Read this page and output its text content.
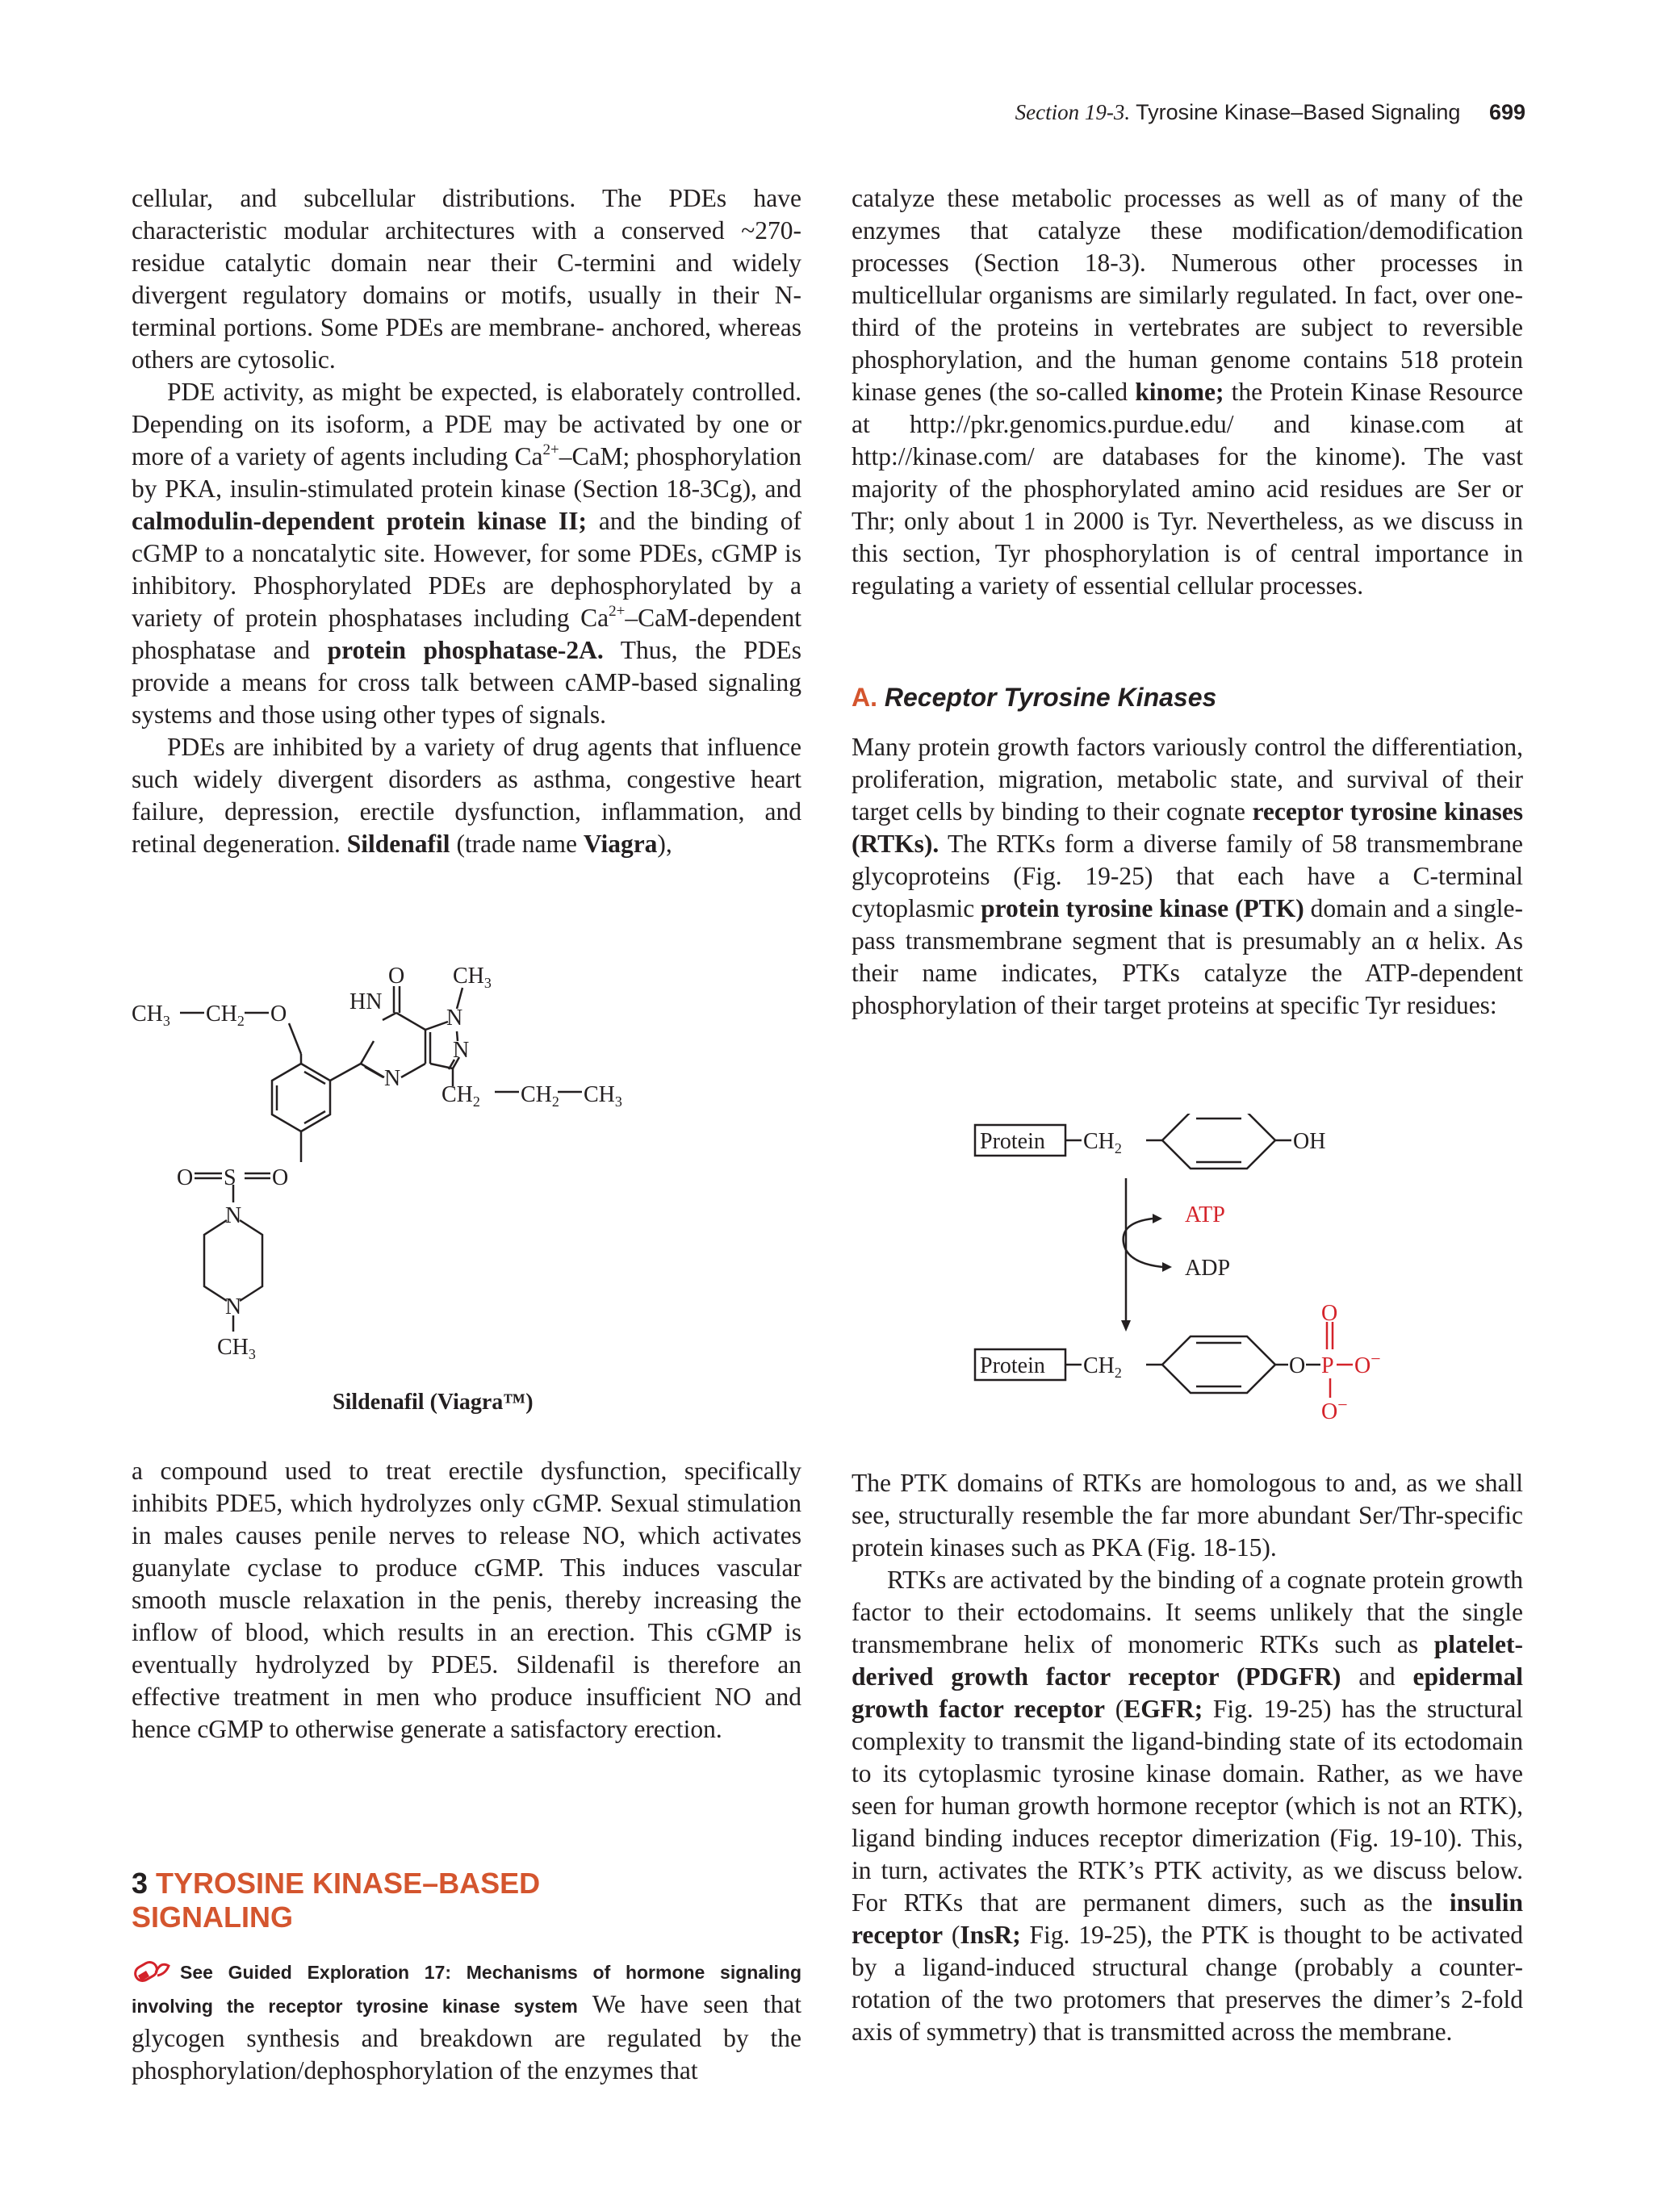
Section 19-3. Tyrosine Kinase–Based Signaling 699

cellular, and subcellular distributions. The PDEs have characteristic modular architectures with a conserved ~270-residue catalytic domain near their C-termini and widely divergent regulatory domains or motifs, usually in their N-terminal portions. Some PDEs are membrane- anchored, whereas others are cytosolic.

PDE activity, as might be expected, is elaborately controlled. Depending on its isoform, a PDE may be activated by one or more of a variety of agents including $Ca^{2+}$–CaM; phosphorylation by PKA, insulin-stimulated protein kinase (Section 18-3Cg), and calmodulin-dependent protein kinase II; and the binding of cGMP to a noncatalytic site. However, for some PDEs, cGMP is inhibitory. Phosphorylated PDEs are dephosphorylated by a variety of protein phosphatases including $Ca^{2+}-CaM$-dependent phosphatase and protein phosphatase-2A. Thus, the PDEs provide a means for cross talk between cAMP-based signaling systems and those using other types of signals.

PDEs are inhibited by a variety of drug agents that influence such widely divergent disorders as asthma, congestive heart failure, depression, erectile dysfunction, inflammation, and retinal degeneration. Sildenafil (trade name Viagra),

O $CH_3$
HN
N
N
N
$CH_3$ $CH_2$ O
$CH_2$ $CH_2$ $CH_3$
O S O
N
N
$CH_3$
Sildenafil (Viagra™)

a compound used to treat erectile dysfunction, specifically inhibits PDE5, which hydrolyzes only cGMP. Sexual stimulation in males causes penile nerves to release NO, which activates guanylate cyclase to produce cGMP. This induces vascular smooth muscle relaxation in the penis, thereby increasing the inflow of blood, which results in an erection. This cGMP is eventually hydrolyzed by PDE5. Sildenafil is therefore an effective treatment in men who produce insufficient NO and hence cGMP to otherwise generate a satisfactory erection.

3 TYROSINE KINASE–BASED
SIGNALING
See Guided Exploration 17: Mechanisms of hormone signaling involving the receptor tyrosine kinase system We have seen that glycogen synthesis and breakdown are regulated by the phosphorylation/dephosphorylation of the enzymes that

catalyze these metabolic processes as well as of many of the enzymes that catalyze these modification/demodification processes (Section 18-3). Numerous other processes in multicellular organisms are similarly regulated. In fact, over one-third of the proteins in vertebrates are subject to reversible phosphorylation, and the human genome contains 518 protein kinase genes (the so-called kinome; the Protein Kinase Resource at http://pkr.genomics.purdue.edu/ and kinase.com at http://kinase.com/ are databases for the kinome). The vast majority of the phosphorylated amino acid residues are Ser or Thr; only about 1 in 2000 is Tyr. Nevertheless, as we discuss in this section, Tyr phosphorylation is of central importance in regulating a variety of essential cellular processes.

A. Receptor Tyrosine Kinases

Many protein growth factors variously control the differentiation, proliferation, migration, metabolic state, and survival of their target cells by binding to their cognate receptor tyrosine kinases (RTKs). The RTKs form a diverse family of 58 transmembrane glycoproteins (Fig. 19-25) that each have a C-terminal cytoplasmic protein tyrosine kinase (PTK) domain and a single-pass transmembrane segment that is presumably an α helix. As their name indicates, PTKs catalyze the ATP-dependent phosphorylation of their target proteins at specific Tyr residues:

Protein $CH_2$	OH
ADP
Protein $CH_2$	O
ATP
O
P O−
O−

The PTK domains of RTKs are homologous to and, as we shall see, structurally resemble the far more abundant Ser/Thr-specific protein kinases such as PKA (Fig. 18-15).

RTKs are activated by the binding of a cognate protein growth factor to their ectodomains. It seems unlikely that the single transmembrane helix of monomeric RTKs such as platelet-derived growth factor receptor (PDGFR) and epidermal growth factor receptor (EGFR; Fig. 19-25) has the structural complexity to transmit the ligand-binding state of its ectodomain to its cytoplasmic tyrosine kinase domain. Rather, as we have seen for human growth hormone receptor (which is not an RTK), ligand binding induces receptor dimerization (Fig. 19-10). This, in turn, activates the RTK’s PTK activity, as we discuss below. For RTKs that are permanent dimers, such as the insulin receptor (InsR; Fig. 19-25), the PTK is thought to be activated by a ligand-induced structural change (probably a counter-rotation of the two protomers that preserves the dimer’s 2-fold axis of symmetry) that is transmitted across the membrane.
